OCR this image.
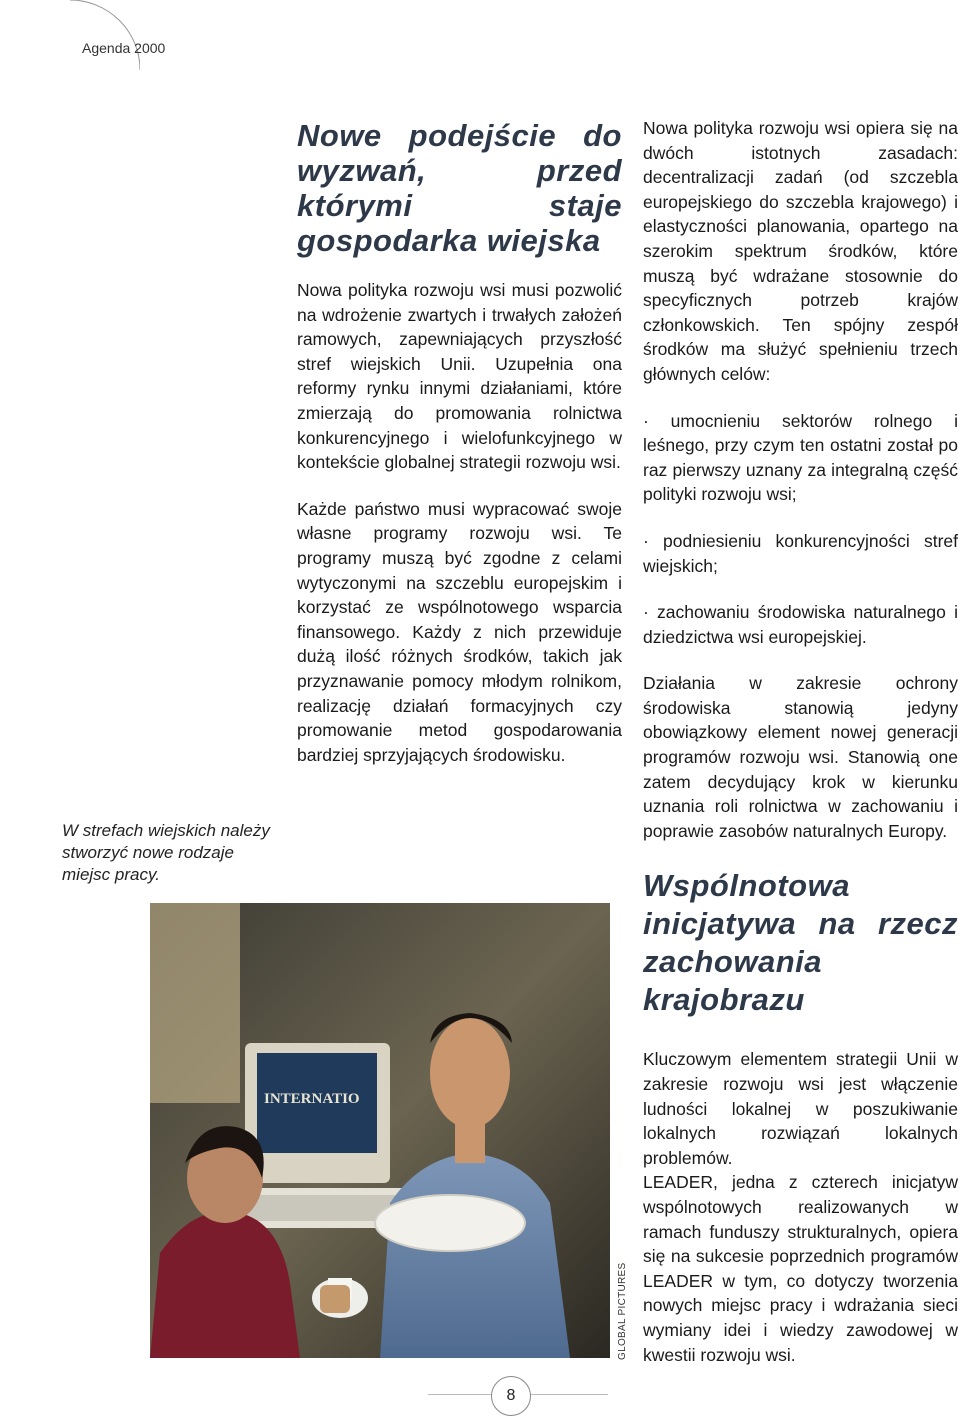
Agenda 2000
Nowe podejście do wyzwań, przed którymi staje gospodarka wiejska

Nowa polityka rozwoju wsi musi pozwolić na wdrożenie zwartych i trwałych założeń ramowych, zapewniających przyszłość stref wiejskich Unii. Uzupełnia ona reformy rynku innymi działaniami, które zmierzają do promowania rolnictwa konkurencyjnego i wielofunkcyjnego w kontekście globalnej strategii rozwoju wsi.

Każde państwo musi wypracować swoje własne programy rozwoju wsi. Te programy muszą być zgodne z celami wytyczonymi na szczeblu europejskim i korzystać ze wspólnotowego wsparcia finansowego. Każdy z nich przewiduje dużą ilość różnych środków, takich jak przyznawanie pomocy młodym rolnikom, realizację działań formacyjnych czy promowanie metod gospodarowania bardziej sprzyjających środowisku.

Nowa polityka rozwoju wsi opiera się na dwóch istotnych zasadach: decentralizacji zadań (od szczebla europejskiego do szczebla krajowego) i elastyczności planowania, opartego na szerokim spektrum środków, które muszą być wdrażane stosownie do specyficznych potrzeb krajów członkowskich. Ten spójny zespół środków ma służyć spełnieniu trzech głównych celów:

· umocnieniu sektorów rolnego i leśnego, przy czym ten ostatni został po raz pierwszy uznany za integralną część polityki rozwoju wsi;

· podniesieniu konkurencyjności stref wiejskich;

· zachowaniu środowiska naturalnego i dziedzictwa wsi europejskiej.

Działania w zakresie ochrony środowiska stanowią jedyny obowiązkowy element nowej generacji programów rozwoju wsi. Stanowią one zatem decydujący krok w kierunku uznania roli rolnictwa w zachowaniu i poprawie zasobów naturalnych Europy.

Wspólnotowa inicjatywa na rzecz zachowania krajobrazu

Kluczowym elementem strategii Unii w zakresie rozwoju wsi jest włączenie ludności lokalnej w poszukiwanie lokalnych rozwiązań lokalnych problemów.

LEADER, jedna z czterech inicjatyw wspólnotowych realizowanych w ramach funduszy strukturalnych, opiera się na sukcesie poprzednich programów LEADER w tym, co dotyczy tworzenia nowych miejsc pracy i wdrażania sieci wymiany idei i wiedzy zawodowej w kwestii rozwoju wsi.

W strefach wiejskich należy stworzyć nowe rodzaje miejsc pracy.
INTERNATIO
GLOBAL PICTURES
8
